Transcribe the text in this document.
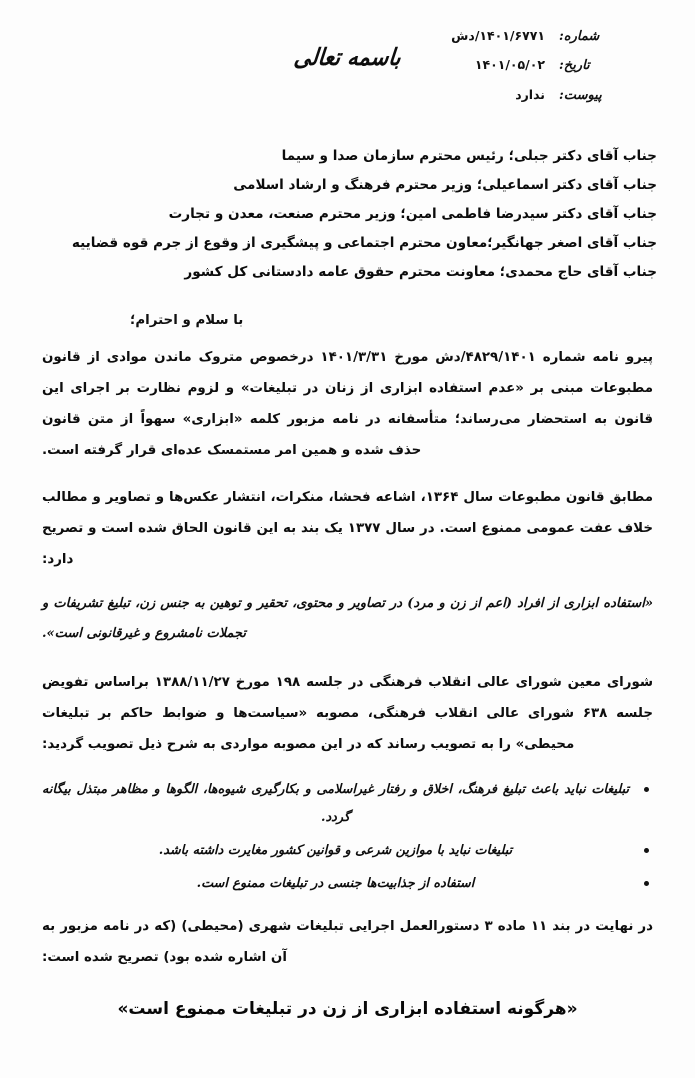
باسمه تعالی
شماره:
۱۴۰۱/۶۷۷۱/دش
تاریخ:
۱۴۰۱/۰۵/۰۲
پیوست:
ندارد
جناب آقای دکتر جبلی؛ رئیس محترم سازمان صدا و سیما
جناب آقای دکتر اسماعیلی؛ وزیر محترم فرهنگ و ارشاد اسلامی
جناب آقای دکتر سیدرضا فاطمی امین؛ وزیر محترم صنعت، معدن و تجارت
جناب آقای اصغر جهانگیر؛معاون محترم اجتماعی و پیشگیری از وقوع از جرم قوه قضاییه
جناب آقای حاج محمدی؛ معاونت محترم حقوق عامه دادستانی کل کشور
با سلام و احترام؛

پیرو نامه شماره ۴۸۲۹/۱۴۰۱/دش مورخ ۱۴۰۱/۳/۳۱ درخصوص متروک ماندن موادی از قانون مطبوعات مبنی بر «عدم استفاده ابزاری از زنان در تبلیغات» و لزوم نظارت بر اجرای این قانون به استحضار می‌رساند؛ متأسفانه در نامه مزبور کلمه «ابزاری» سهواً از متن قانون حذف شده و همین امر مستمسک عده‌ای قرار گرفته است.

مطابق قانون مطبوعات سال ۱۳۶۴، اشاعه فحشا، منکرات، انتشار عکس‌ها و تصاویر و مطالب خلاف عفت عمومی ممنوع است. در سال ۱۳۷۷ یک بند به این قانون الحاق شده است و تصریح دارد:

«استفاده ابزاری از افراد (اعم از زن و مرد) در تصاویر و محتوی، تحقیر و توهین به جنس زن، تبلیغ تشریفات و تجملات نامشروع و غیرقانونی است».

شورای معین شورای عالی انقلاب فرهنگی در جلسه ۱۹۸ مورخ ۱۳۸۸/۱۱/۲۷ براساس تفویض جلسه ۶۳۸ شورای عالی انقلاب فرهنگی، مصوبه «سیاست‌ها و ضوابط حاکم بر تبلیغات محیطی» را به تصویب رساند که در این مصوبه مواردی به شرح ذیل تصویب گردید:

تبلیغات نباید باعث تبلیغ فرهنگ، اخلاق و رفتار غیراسلامی و بکارگیری شیوه‌ها، الگوها و مظاهر مبتذل بیگانه گردد.
تبلیغات نباید با موازین شرعی و قوانین کشور مغایرت داشته باشد.
استفاده از جذابیت‌ها جنسی در تبلیغات ممنوع است.

در نهایت در بند ۱۱ ماده ۳ دستورالعمل اجرایی تبلیغات شهری (محیطی) (که در نامه مزبور به آن اشاره شده بود) تصریح شده است:

«هرگونه استفاده ابزاری از زن در تبلیغات ممنوع است»
